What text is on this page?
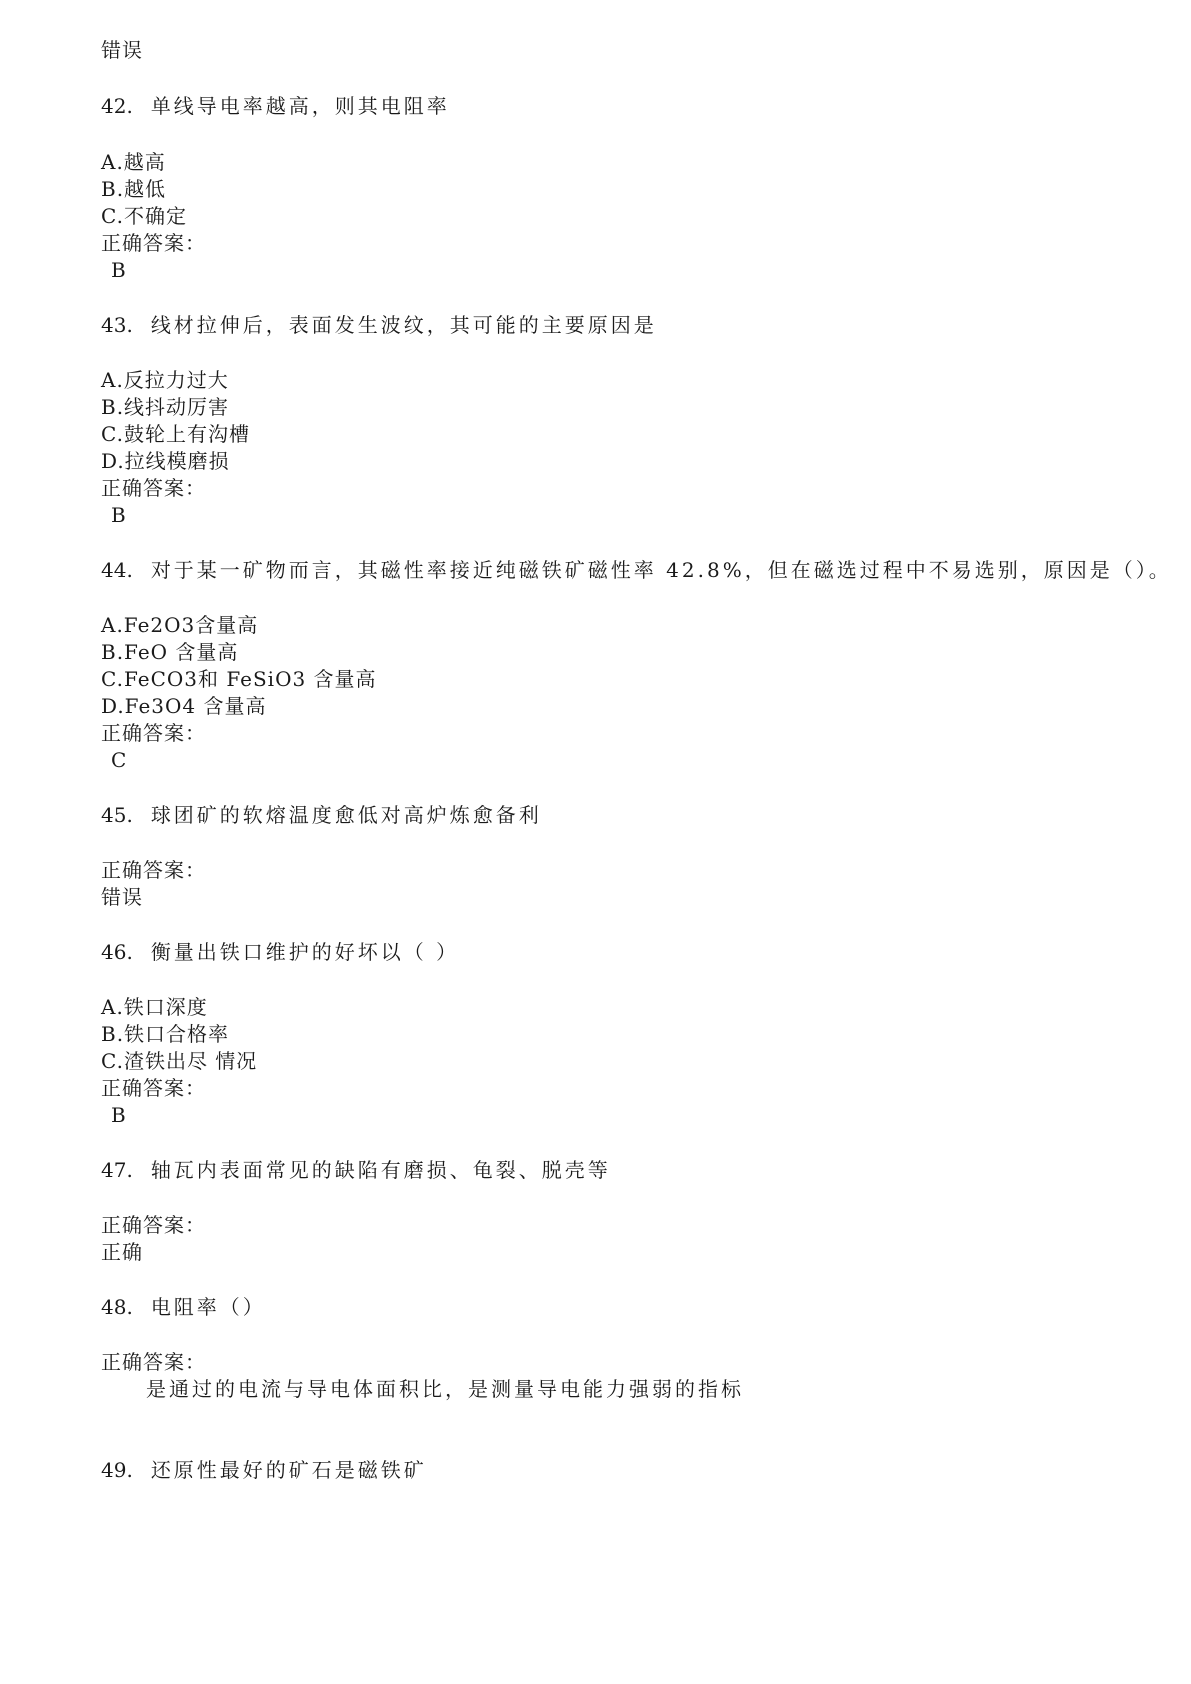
错误
42. 单线导电率越高，则其电阻率
A.越高
B.越低
C.不确定
正确答案：
B
43. 线材拉伸后，表面发生波纹，其可能的主要原因是
A.反拉力过大
B.线抖动厉害
C.鼓轮上有沟槽
D.拉线模磨损
正确答案：
B
44. 对于某一矿物而言，其磁性率接近纯磁铁矿磁性率 42.8%，但在磁选过程中不易选别，原因是（）。
A.Fe2O3含量高
B.FeO 含量高
C.FeCO3和 FeSiO3 含量高
D.Fe3O4 含量高
正确答案：
C
45. 球团矿的软熔温度愈低对高炉炼愈备利
正确答案：
错误
46. 衡量出铁口维护的好坏以（ ）
A.铁口深度
B.铁口合格率
C.渣铁出尽 情况
正确答案：
B
47. 轴瓦内表面常见的缺陷有磨损、龟裂、脱壳等
正确答案：
正确
48. 电阻率（）
正确答案：
是通过的电流与导电体面积比，是测量导电能力强弱的指标
49. 还原性最好的矿石是磁铁矿
